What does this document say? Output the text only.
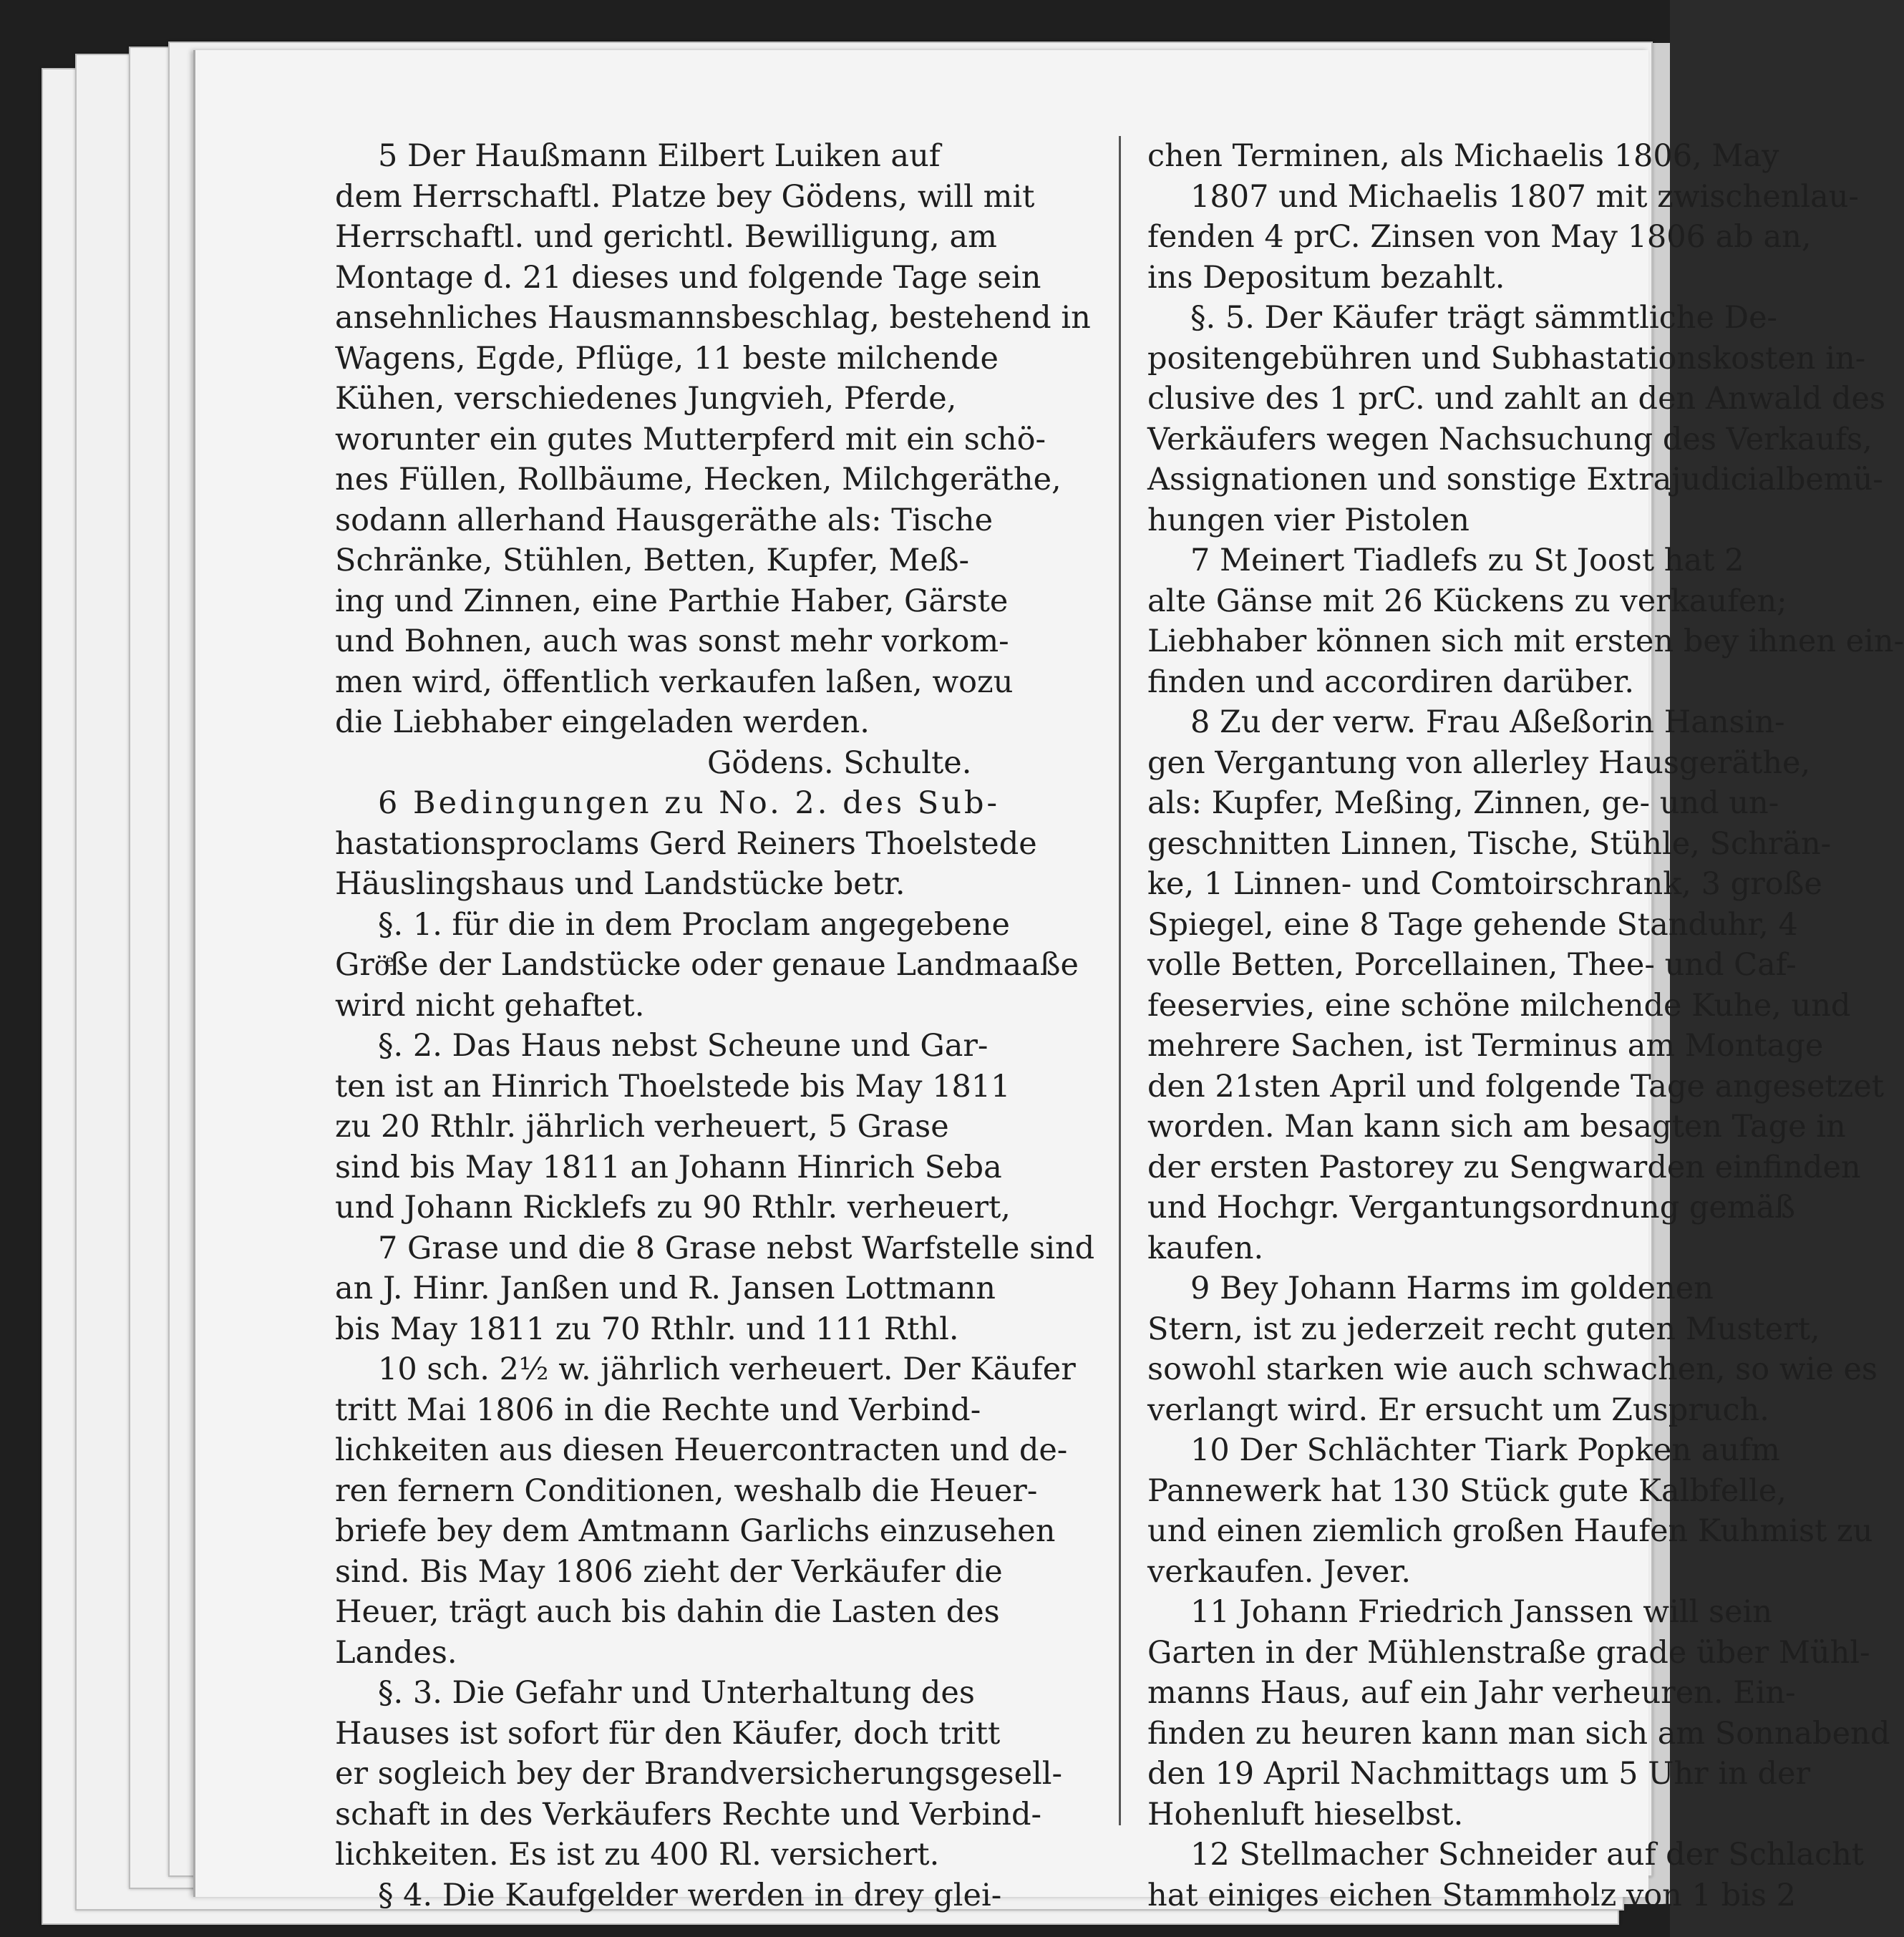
5 Der Haußmann Eilbert Luiken auf
dem Herrschaftl. Platze bey Gödens, will mit
Herrschaftl. und gerichtl. Bewilligung, am
Montage d. 21 dieses und folgende Tage sein
ansehnliches Hausmannsbeschlag, bestehend in
Wagens, Egde, Pflüge, 11 beste milchende
Kühen, verschiedenes Jungvieh, Pferde,
worunter ein gutes Mutterpferd mit ein schö-
nes Füllen, Rollbäume, Hecken, Milchgeräthe,
sodann allerhand Hausgeräthe als: Tische
Schränke, Stühlen, Betten, Kupfer, Meß-
ing und Zinnen, eine Parthie Haber, Gärste
und Bohnen, auch was sonst mehr vorkom-
men wird, öffentlich verkaufen laßen, wozu
die Liebhaber eingeladen werden.
Gödens. Schulte.
6 Bedingungen zu No. 2. des Sub-
hastationsproclams Gerd Reiners Thoelstede
Häuslingshaus und Landstücke betr.
§. 1. für die in dem Proclam angegebene
Gröͤße der Landstücke oder genaue Landmaaße
wird nicht gehaftet.
§. 2. Das Haus nebst Scheune und Gar-
ten ist an Hinrich Thoelstede bis May 1811
zu 20 Rthlr. jährlich verheuert, 5 Grase
sind bis May 1811 an Johann Hinrich Seba
und Johann Ricklefs zu 90 Rthlr. verheuert,
7 Grase und die 8 Grase nebst Warfstelle sind
an J. Hinr. Janßen und R. Jansen Lottmann
bis May 1811 zu 70 Rthlr. und 111 Rthl.
10 sch. 2½ w. jährlich verheuert. Der Käufer
tritt Mai 1806 in die Rechte und Verbind-
lichkeiten aus diesen Heuercontracten und de-
ren fernern Conditionen, weshalb die Heuer-
briefe bey dem Amtmann Garlichs einzusehen
sind. Bis May 1806 zieht der Verkäufer die
Heuer, trägt auch bis dahin die Lasten des
Landes.
§. 3. Die Gefahr und Unterhaltung des
Hauses ist sofort für den Käufer, doch tritt
er sogleich bey der Brandversicherungsgesell-
schaft in des Verkäufers Rechte und Verbind-
lichkeiten. Es ist zu 400 Rl. versichert.
§ 4. Die Kaufgelder werden in drey glei-
chen Terminen, als Michaelis 1806, May
1807 und Michaelis 1807 mit zwischenlau-
fenden 4 prC. Zinsen von May 1806 ab an,
ins Depositum bezahlt.
§. 5. Der Käufer trägt sämmtliche De-
positengebühren und Subhastationskosten in-
clusive des 1 prC. und zahlt an den Anwald des
Verkäufers wegen Nachsuchung des Verkaufs,
Assignationen und sonstige Extrajudicialbemü-
hungen vier Pistolen
7 Meinert Tiadlefs zu St Joost hat 2
alte Gänse mit 26 Kückens zu verkaufen;
Liebhaber können sich mit ersten bey ihnen ein-
finden und accordiren darüber.
8 Zu der verw. Frau Aßeßorin Hansin-
gen Vergantung von allerley Hausgeräthe,
als: Kupfer, Meßing, Zinnen, ge- und un-
geschnitten Linnen, Tische, Stühle, Schrän-
ke, 1 Linnen- und Comtoirschrank, 3 große
Spiegel, eine 8 Tage gehende Standuhr, 4
volle Betten, Porcellainen, Thee- und Caf-
feeservies, eine schöne milchende Kuhe, und
mehrere Sachen, ist Terminus am Montage
den 21sten April und folgende Tage angesetzet
worden. Man kann sich am besagten Tage in
der ersten Pastorey zu Sengwarden einfinden
und Hochgr. Vergantungsordnung gemäß
kaufen.
9 Bey Johann Harms im goldenen
Stern, ist zu jederzeit recht guten Mustert,
sowohl starken wie auch schwachen, so wie es
verlangt wird. Er ersucht um Zuspruch.
10 Der Schlächter Tiark Popken aufm
Pannewerk hat 130 Stück gute Kalbfelle,
und einen ziemlich großen Haufen Kuhmist zu
verkaufen. Jever.
11 Johann Friedrich Janssen will sein
Garten in der Mühlenstraße grade über Mühl-
manns Haus, auf ein Jahr verheuren. Ein-
finden zu heuren kann man sich am Sonnabend
den 19 April Nachmittags um 5 Uhr in der
Hohenluft hieselbst.
12 Stellmacher Schneider auf der Schlacht
hat einiges eichen Stammholz von 1 bis 2
